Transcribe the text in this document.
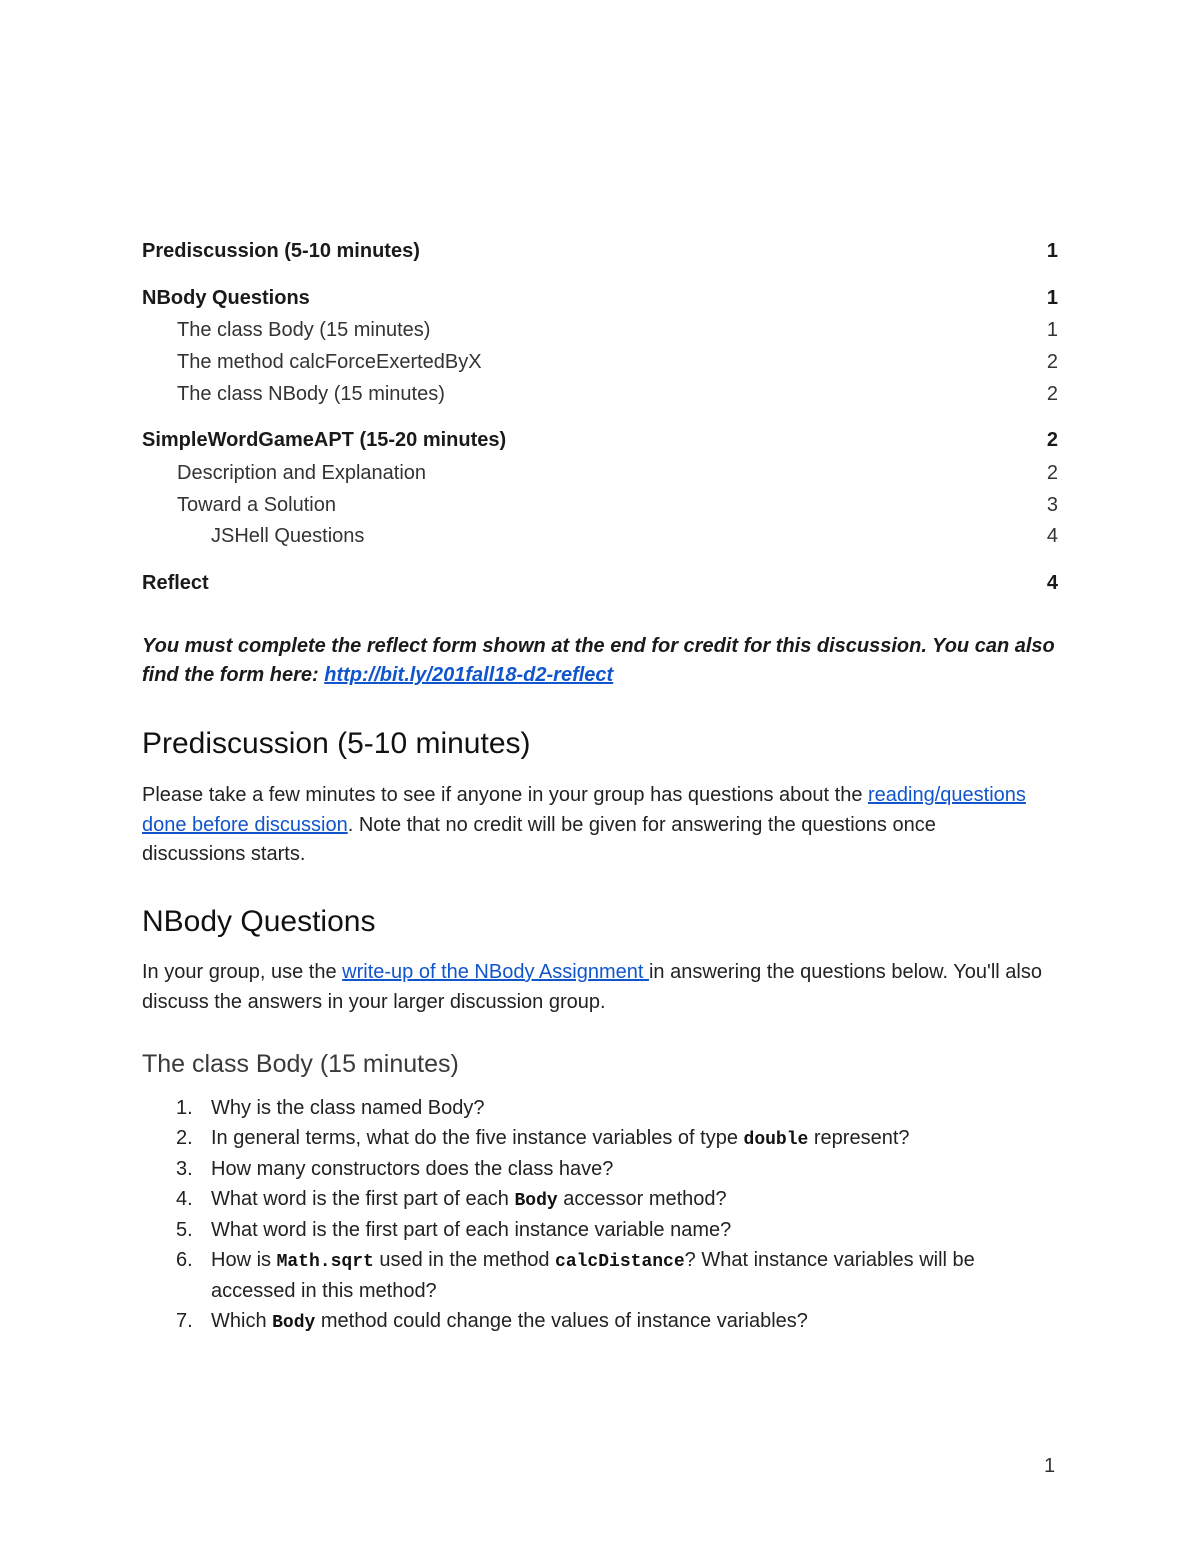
Prediscussion (5-10 minutes)	1
NBody Questions	1
The class Body (15 minutes)	1
The method calcForceExertedByX	2
The class NBody (15 minutes)	2
SimpleWordGameAPT (15-20 minutes)	2
Description and Explanation	2
Toward a Solution	3
JSHell Questions	4
Reflect	4
You must complete the reflect form shown at the end for credit for this discussion. You can also find the form here: http://bit.ly/201fall18-d2-reflect
Prediscussion (5-10 minutes)
Please take a few minutes to see if anyone in your group has questions about the reading/questions done before discussion. Note that no credit will be given for answering the questions once discussions starts.
NBody Questions
In your group, use the write-up of the NBody Assignment in answering the questions below. You'll also discuss the answers in your larger discussion group.
The class Body (15 minutes)
1. Why is the class named Body?
2. In general terms, what do the five instance variables of type double represent?
3. How many constructors does the class have?
4. What word is the first part of each Body accessor method?
5. What word is the first part of each instance variable name?
6. How is Math.sqrt used in the method calcDistance? What instance variables will be accessed in this method?
7. Which Body method could change the values of instance variables?
1
